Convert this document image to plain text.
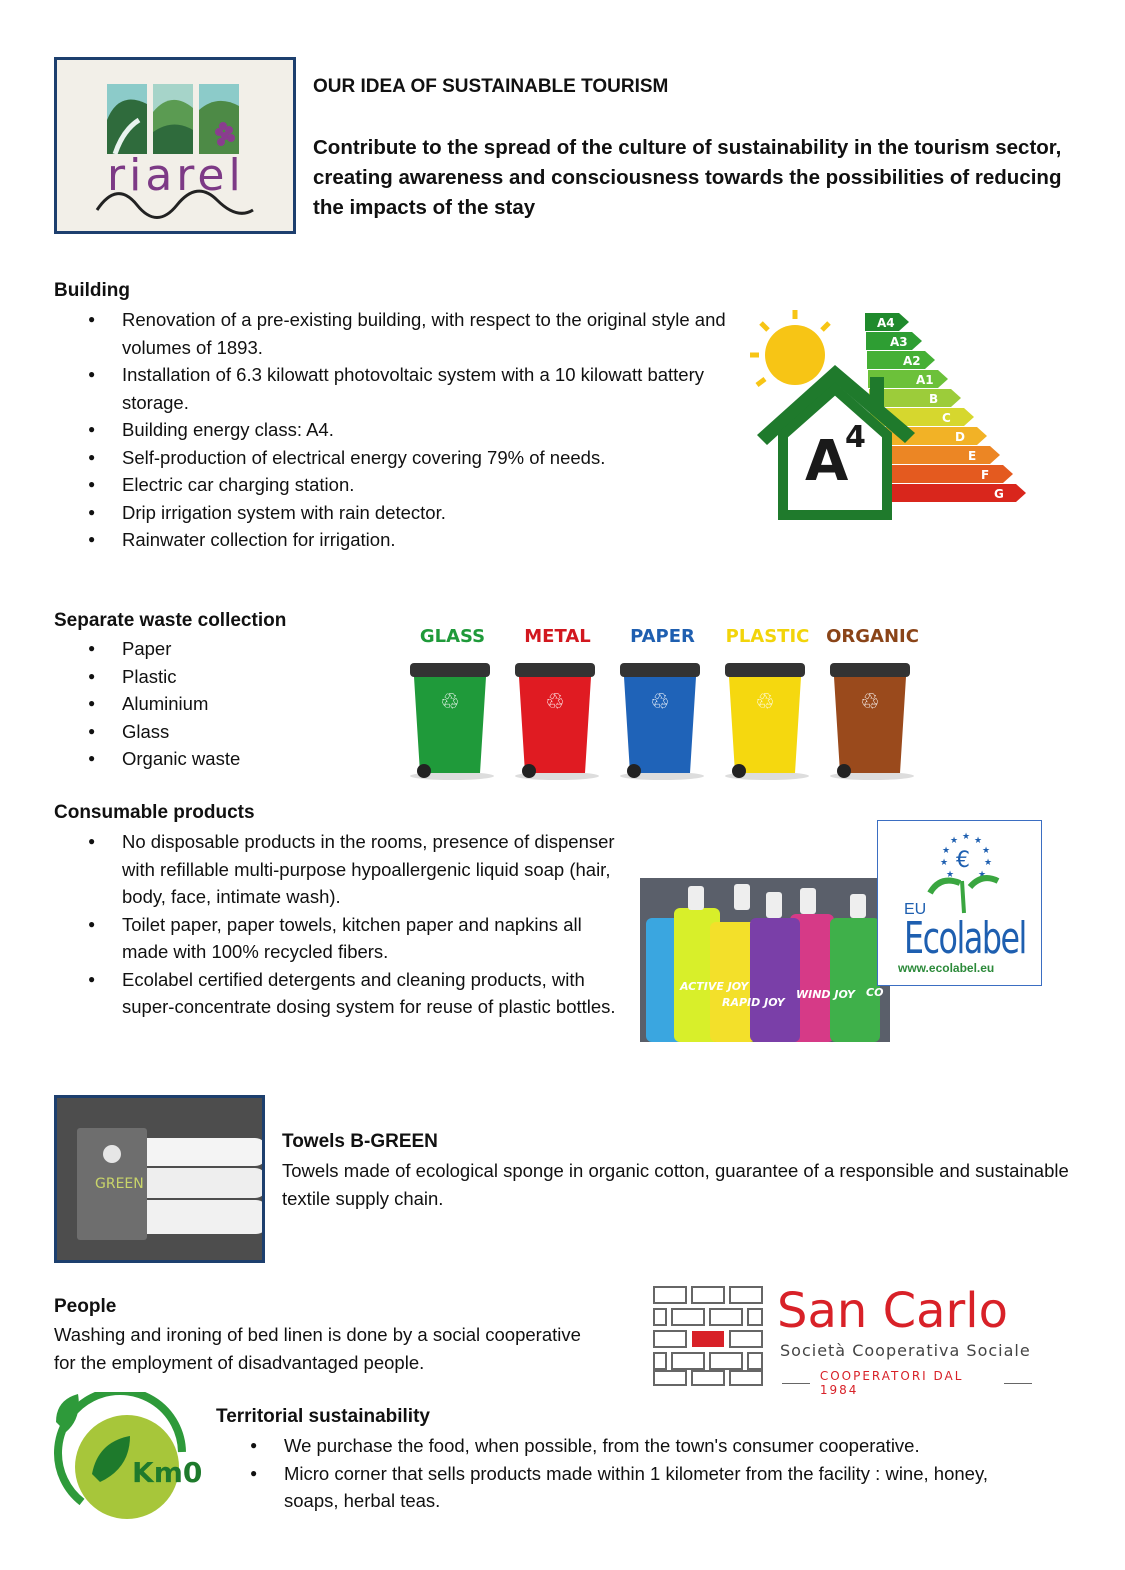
riarel
OUR IDEA OF SUSTAINABLE TOURISM

Contribute to the spread of the culture of sustainability in the tourism sector, creating awareness and consciousness towards the possibilities of reducing the impacts of the stay

Building
● Renovation of a pre-existing building, with respect to the original style and volumes of 1893.
● Installation of 6.3 kilowatt photovoltaic system with a 10 kilowatt battery storage.
● Building energy class: A4.
● Self-production of electrical energy covering 79% of needs.
● Electric car charging station.
● Drip irrigation system with rain detector.
● Rainwater collection for irrigation.
A4
A3
A2
A1
B
C
D
E
F
G
A
4
Separate waste collection
● Paper
● Plastic
● Aluminium
● Glass
● Organic waste
GLASS
♲
METAL
♲
PAPER
♲
PLASTIC
♲
ORGANIC
♲
Consumable products
● No disposable products in the rooms, presence of dispenser with refillable multi-purpose hypoallergenic liquid soap (hair, body, face, intimate wash).
● Toilet paper, paper towels, kitchen paper and napkins all made with 100% recycled fibers.
● Ecolabel certified detergents and cleaning products, with super-concentrate dosing system for reuse of plastic bottles.
ACTIVE JOY
RAPID JOY
WIND JOY CO
★ ★
★
★
★
★
★
★
★
€
EU
Ecolabel
www.ecolabel.eu
GREEN
Towels B-GREEN
Towels made of ecological sponge in organic cotton, guarantee of a responsible and sustainable textile supply chain.
People
Washing and ironing of bed linen is done by a social cooperative for the employment of disadvantaged people.
San Carlo
Società Cooperativa Sociale
COOPERATORI DAL 1984
Km0
Territorial sustainability
● We purchase the food, when possible, from the town's consumer cooperative.
● Micro corner that sells products made within 1 kilometer from the facility : wine, honey, soaps, herbal teas.
